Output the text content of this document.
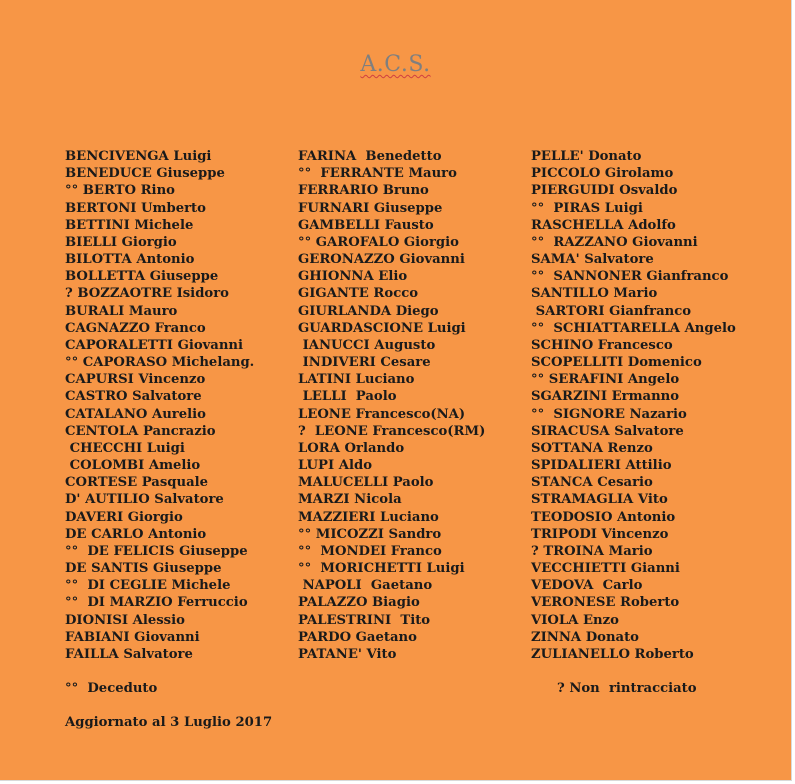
A.C.S.
BENCIVENGA Luigi
BENEDUCE Giuseppe
°° BERTO Rino
BERTONI Umberto
BETTINI Michele
BIELLI Giorgio
BILOTTA Antonio
BOLLETTA Giuseppe
? BOZZAOTRE Isidoro
BURALI Mauro
CAGNAZZO Franco
CAPORALETTI Giovanni
°° CAPORASO Michelang.
CAPURSI Vincenzo
CASTRO Salvatore
CATALANO Aurelio
CENTOLA Pancrazio
CHECCHI Luigi
COLOMBI Amelio
CORTESE Pasquale
D' AUTILIO Salvatore
DAVERI Giorgio
DE CARLO Antonio
°°  DE FELICIS Giuseppe
DE SANTIS Giuseppe
°°  DI CEGLIE Michele
°°  DI MARZIO Ferruccio
DIONISI Alessio
FABIANI Giovanni
FAILLA Salvatore
FARINA  Benedetto
°°  FERRANTE Mauro
FERRARIO Bruno
FURNARI Giuseppe
GAMBELLI Fausto
°° GAROFALO Giorgio
GERONAZZO Giovanni
GHIONNA Elio
GIGANTE Rocco
GIURLANDA Diego
GUARDASCIONE Luigi
IANUCCI Augusto
INDIVERI Cesare
LATINI Luciano
LELLI  Paolo
LEONE Francesco(NA)
?  LEONE Francesco(RM)
LORA Orlando
LUPI Aldo
MALUCELLI Paolo
MARZI Nicola
MAZZIERI Luciano
°° MICOZZI Sandro
°°  MONDEI Franco
°°  MORICHETTI Luigi
NAPOLI  Gaetano
PALAZZO Biagio
PALESTRINI  Tito
PARDO Gaetano
PATANE' Vito
PELLE' Donato
PICCOLO Girolamo
PIERGUIDI Osvaldo
°°  PIRAS Luigi
RASCHELLA Adolfo
°°  RAZZANO Giovanni
SAMA' Salvatore
°°  SANNONER Gianfranco
SANTILLO Mario
SARTORI Gianfranco
°°  SCHIATTARELLA Angelo
SCHINO Francesco
SCOPELLITI Domenico
°° SERAFINI Angelo
SGARZINI Ermanno
°°  SIGNORE Nazario
SIRACUSA Salvatore
SOTTANA Renzo
SPIDALIERI Attilio
STANCA Cesario
STRAMAGLIA Vito
TEODOSIO Antonio
TRIPODI Vincenzo
? TROINA Mario
VECCHIETTI Gianni
VEDOVA  Carlo
VERONESE Roberto
VIOLA Enzo
ZINNA Donato
ZULIANELLO Roberto
°°  Deceduto	? Non  rintracciato
Aggiornato al 3 Luglio 2017
